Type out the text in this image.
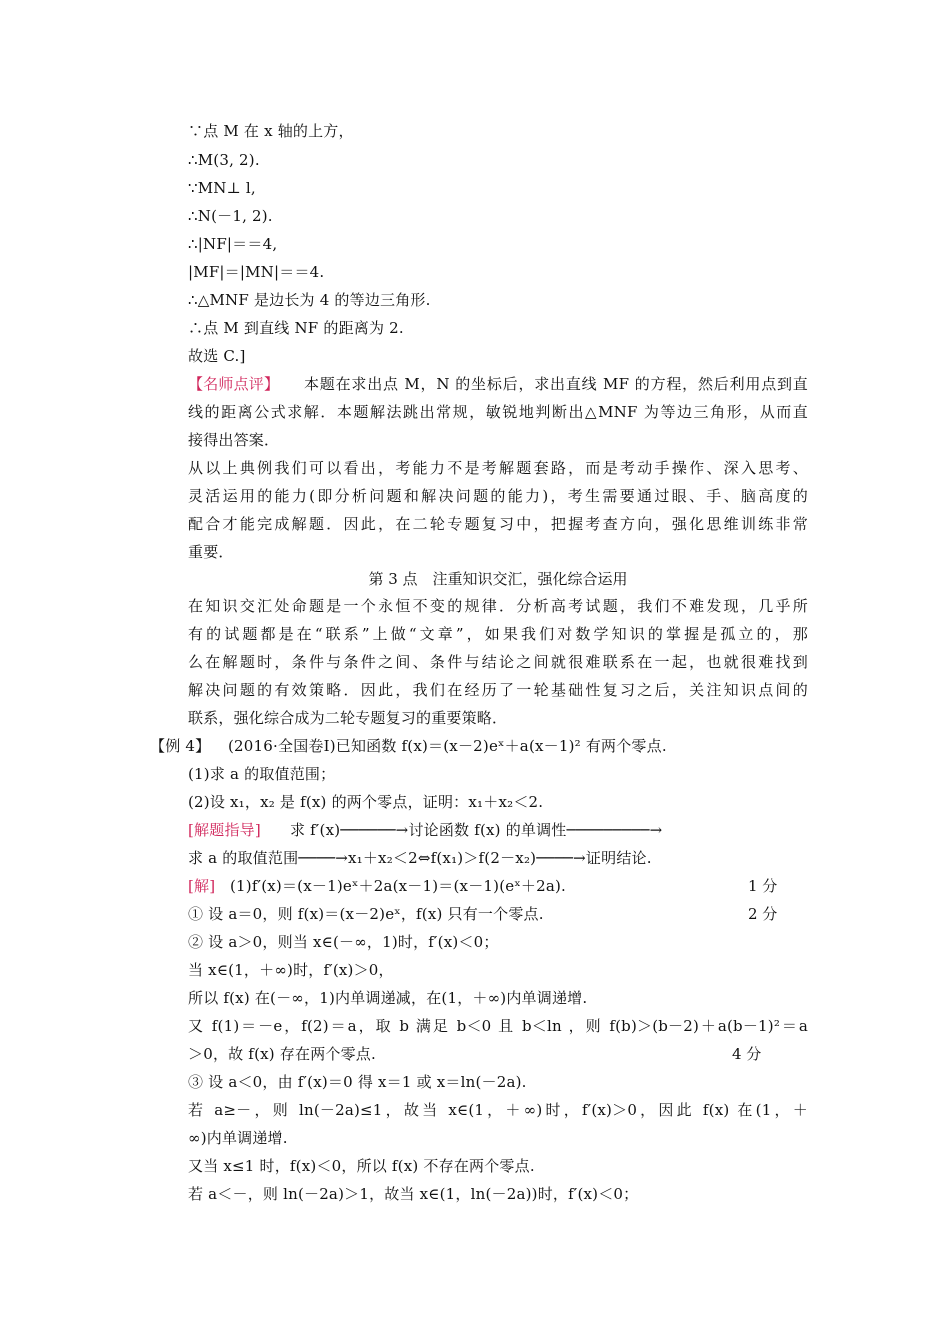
∵点 M 在 x 轴的上方，
∴M(3, 2).
∵MN⊥ l,
∴N(－1, 2).
∴|NF|＝＝4,
|MF|＝|MN|＝＝4.
∴△MNF 是边长为 4 的等边三角形.
∴点 M 到直线 NF 的距离为 2.
故选 C.]
【名师点评】 本题在求出点 M，N 的坐标后，求出直线 MF 的方程，然后利用点到直
线的距离公式求解．本题解法跳出常规，敏锐地判断出△MNF 为等边三角形，从而直
接得出答案．
从以上典例我们可以看出，考能力不是考解题套路，而是考动手操作、深入思考、
灵活运用的能力(即分析问题和解决问题的能力)，考生需要通过眼、手、脑高度的
配合才能完成解题．因此，在二轮专题复习中，把握考查方向，强化思维训练非常
重要．
第 3 点　注重知识交汇，强化综合运用
在知识交汇处命题是一个永恒不变的规律．分析高考试题，我们不难发现，几乎所
有的试题都是在“联系”上做“文章”，如果我们对数学知识的掌握是孤立的，那
么在解题时，条件与条件之间、条件与结论之间就很难联系在一起，也就很难找到
解决问题的有效策略．因此，我们在经历了一轮基础性复习之后，关注知识点间的
联系，强化综合成为二轮专题复习的重要策略．
【例 4】 (2016·全国卷Ⅰ)已知函数 f(x)＝(x－2)eˣ＋a(x－1)² 有两个零点.
(1)求 a 的取值范围；
(2)设 x₁，x₂ 是 f(x) 的两个零点，证明：x₁＋x₂＜2.
[解题指导] 求 f′(x)──────→讨论函数 f(x) 的单调性─────────→
求 a 的取值范围────→x₁＋x₂＜2⇔f(x₁)＞f(2－x₂)────→证明结论.
[解] (1)f′(x)＝(x－1)eˣ＋2a(x－1)＝(x－1)(eˣ＋2a).	1 分
① 设 a＝0，则 f(x)＝(x－2)eˣ，f(x) 只有一个零点.	2 分
② 设 a＞0，则当 x∈(－∞，1)时，f′(x)＜0；
当 x∈(1，＋∞)时，f′(x)＞0，
所以 f(x) 在(－∞，1)内单调递减，在(1，＋∞)内单调递增.
又 f(1)＝－e，f(2)＝a，取 b 满足 b＜0 且 b＜ln ，则 f(b)＞(b－2)＋a(b－1)²＝a
＞0，故 f(x) 存在两个零点.	4 分
③ 设 a＜0，由 f′(x)＝0 得 x＝1 或 x＝ln(－2a).
若 a≥－，则 ln(－2a)≤1，故当 x∈(1，＋∞)时，f′(x)＞0，因此 f(x) 在(1，＋
∞)内单调递增.
又当 x≤1 时，f(x)＜0，所以 f(x) 不存在两个零点.
若 a＜－，则 ln(－2a)＞1，故当 x∈(1，ln(－2a))时，f′(x)＜0；
